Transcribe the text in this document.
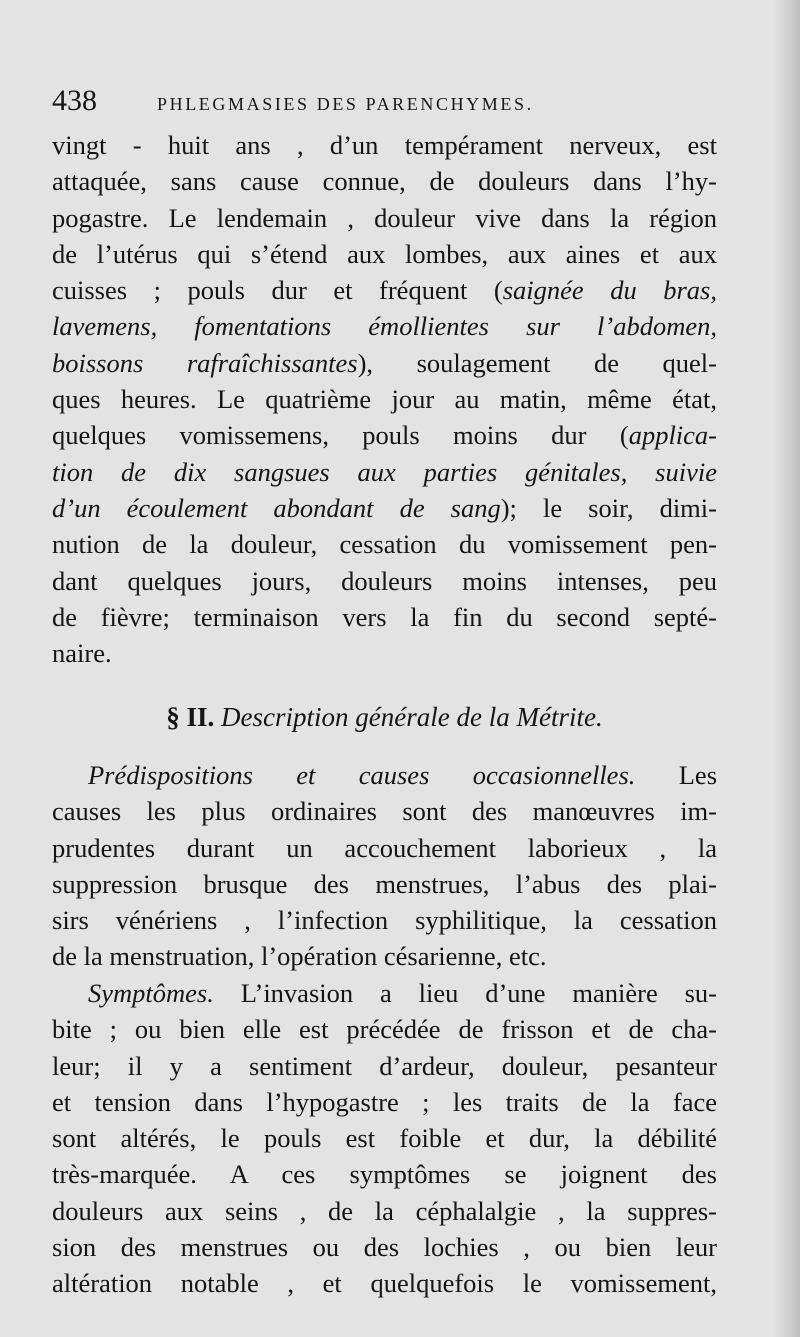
438	PHLEGMASIES DES PARENCHYMES.
vingt - huit ans , d’un tempérament nerveux, est
attaquée, sans cause connue, de douleurs dans l’hy-
pogastre. Le lendemain , douleur vive dans la région
de l’utérus qui s’étend aux lombes, aux aines et aux
cuisses ; pouls dur et fréquent (saignée du bras,
lavemens, fomentations émollientes sur l’abdomen,
boissons rafraîchissantes), soulagement de quel-
ques heures. Le quatrième jour au matin, même état,
quelques vomissemens, pouls moins dur (applica-
tion de dix sangsues aux parties génitales, suivie
d’un écoulement abondant de sang); le soir, dimi-
nution de la douleur, cessation du vomissement pen-
dant quelques jours, douleurs moins intenses, peu
de fièvre; terminaison vers la fin du second septé-
naire.
§ II. Description générale de la Métrite.
Prédispositions et causes occasionnelles. Les
causes les plus ordinaires sont des manœuvres im-
prudentes durant un accouchement laborieux , la
suppression brusque des menstrues, l’abus des plai-
sirs vénériens , l’infection syphilitique, la cessation
de la menstruation, l’opération césarienne, etc.
Symptômes. L’invasion a lieu d’une manière su-
bite ; ou bien elle est précédée de frisson et de cha-
leur; il y a sentiment d’ardeur, douleur, pesanteur
et tension dans l’hypogastre ; les traits de la face
sont altérés, le pouls est foible et dur, la débilité
très-marquée. A ces symptômes se joignent des
douleurs aux seins , de la céphalalgie , la suppres-
sion des menstrues ou des lochies , ou bien leur
altération notable , et quelquefois le vomissement,
